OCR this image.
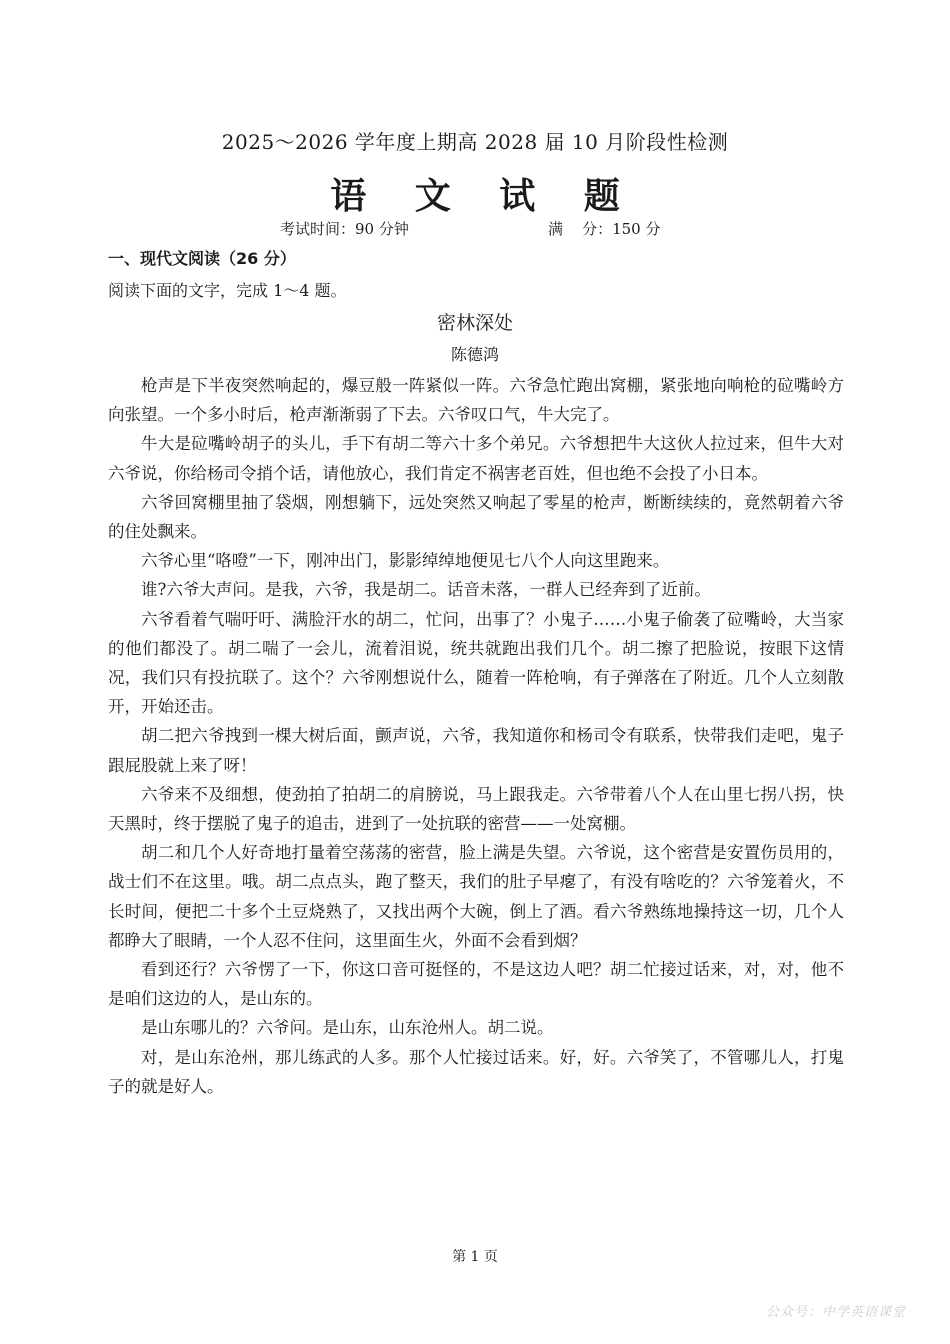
2025～2026 学年度上期高 2028 届 10 月阶段性检测
语 文 试 题
考试时间：90 分钟	满    分：150 分
一、现代文阅读（26 分）
阅读下面的文字，完成 1～4 题。
密林深处
陈德鸿

枪声是下半夜突然响起的，爆豆般一阵紧似一阵。六爷急忙跑出窝棚，紧张地向响枪的砬嘴岭方向张望。一个多小时后，枪声渐渐弱了下去。六爷叹口气，牛大完了。

牛大是砬嘴岭胡子的头儿，手下有胡二等六十多个弟兄。六爷想把牛大这伙人拉过来，但牛大对六爷说，你给杨司令捎个话，请他放心，我们肯定不祸害老百姓，但也绝不会投了小日本。

六爷回窝棚里抽了袋烟，刚想躺下，远处突然又响起了零星的枪声，断断续续的，竟然朝着六爷的住处飘来。

六爷心里“咯噔”一下，刚冲出门，影影绰绰地便见七八个人向这里跑来。

谁?六爷大声问。是我，六爷，我是胡二。话音未落，一群人已经奔到了近前。

六爷看着气喘吁吁、满脸汗水的胡二，忙问，出事了？小鬼子……小鬼子偷袭了砬嘴岭，大当家的他们都没了。胡二喘了一会儿，流着泪说，统共就跑出我们几个。胡二擦了把脸说，按眼下这情况，我们只有投抗联了。这个？六爷刚想说什么，随着一阵枪响，有子弹落在了附近。几个人立刻散开，开始还击。

胡二把六爷拽到一棵大树后面，颤声说，六爷，我知道你和杨司令有联系，快带我们走吧，鬼子跟屁股就上来了呀！

六爷来不及细想，使劲拍了拍胡二的肩膀说，马上跟我走。六爷带着八个人在山里七拐八拐，快天黑时，终于摆脱了鬼子的追击，进到了一处抗联的密营——一处窝棚。

胡二和几个人好奇地打量着空荡荡的密营，脸上满是失望。六爷说，这个密营是安置伤员用的，战士们不在这里。哦。胡二点点头，跑了整天，我们的肚子早瘪了，有没有啥吃的？六爷笼着火，不长时间，便把二十多个土豆烧熟了，又找出两个大碗，倒上了酒。看六爷熟练地操持这一切，几个人都睁大了眼睛，一个人忍不住问，这里面生火，外面不会看到烟？

看到还行？六爷愣了一下，你这口音可挺怪的，不是这边人吧？胡二忙接过话来，对，对，他不是咱们这边的人，是山东的。

是山东哪儿的？六爷问。是山东，山东沧州人。胡二说。

对，是山东沧州，那儿练武的人多。那个人忙接过话来。好，好。六爷笑了，不管哪儿人，打鬼子的就是好人。

第 1 页
公众号：中学英语课堂
